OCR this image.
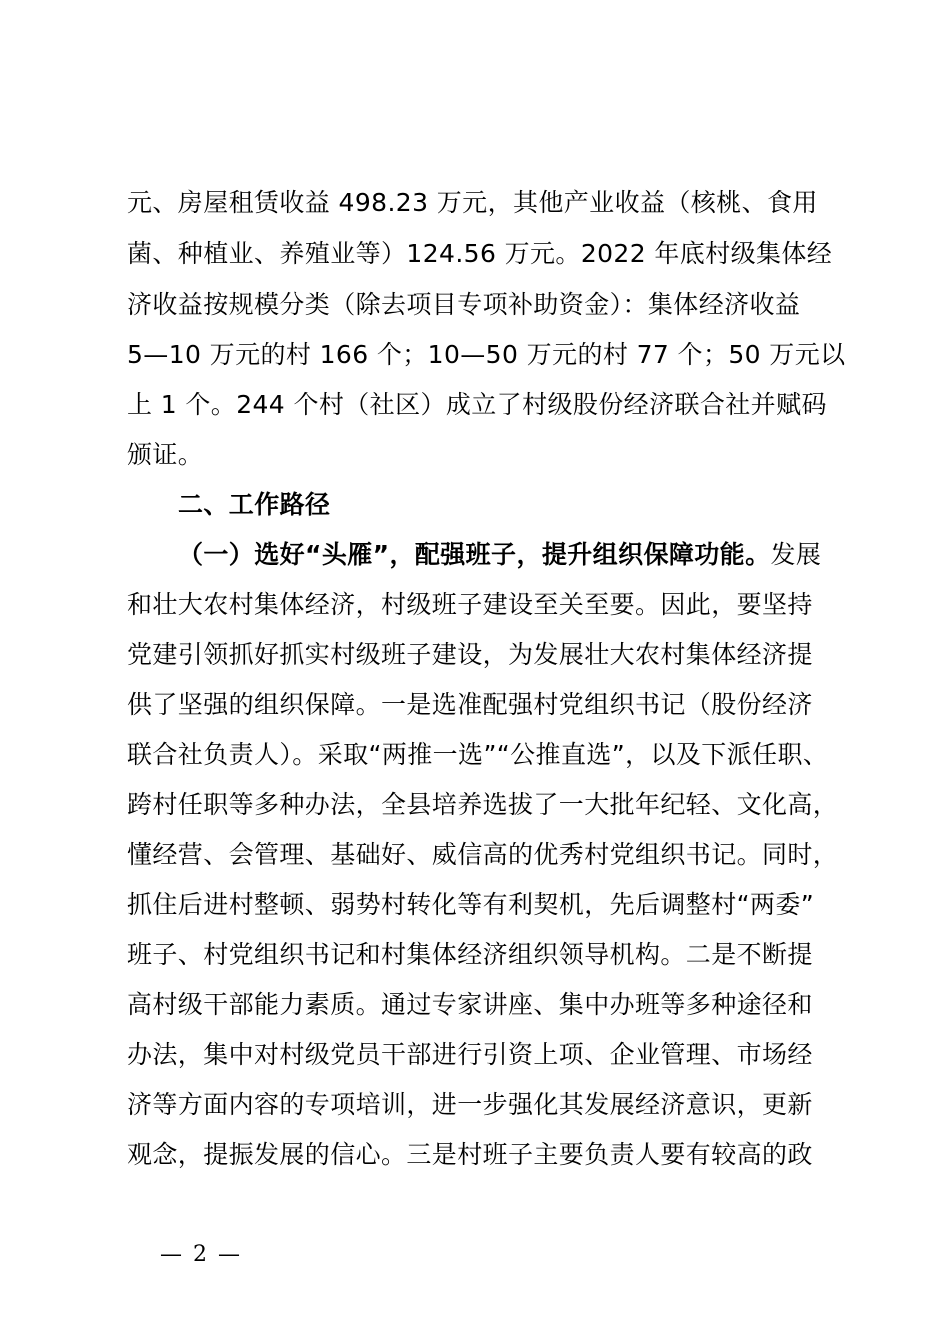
元、房屋租赁收益 498.23 万元，其他产业收益（核桃、食用
菌、种植业、养殖业等）124.56 万元。2022 年底村级集体经
济收益按规模分类（除去项目专项补助资金）：集体经济收益
5—10 万元的村 166 个；10—50 万元的村 77 个；50 万元以
上 1 个。244 个村（社区）成立了村级股份经济联合社并赋码
颁证。
二、工作路径
（一）选好“头雁”，配强班子，提升组织保障功能。发展
和壮大农村集体经济，村级班子建设至关至要。因此，要坚持
党建引领抓好抓实村级班子建设，为发展壮大农村集体经济提
供了坚强的组织保障。一是选准配强村党组织书记（股份经济
联合社负责人）。采取“两推一选”“公推直选”，以及下派任职、
跨村任职等多种办法，全县培养选拔了一大批年纪轻、文化高，
懂经营、会管理、基础好、威信高的优秀村党组织书记。同时，
抓住后进村整顿、弱势村转化等有利契机，先后调整村“两委”
班子、村党组织书记和村集体经济组织领导机构。二是不断提
高村级干部能力素质。通过专家讲座、集中办班等多种途径和
办法，集中对村级党员干部进行引资上项、企业管理、市场经
济等方面内容的专项培训，进一步强化其发展经济意识，更新
观念，提振发展的信心。三是村班子主要负责人要有较高的政
— 2 —
